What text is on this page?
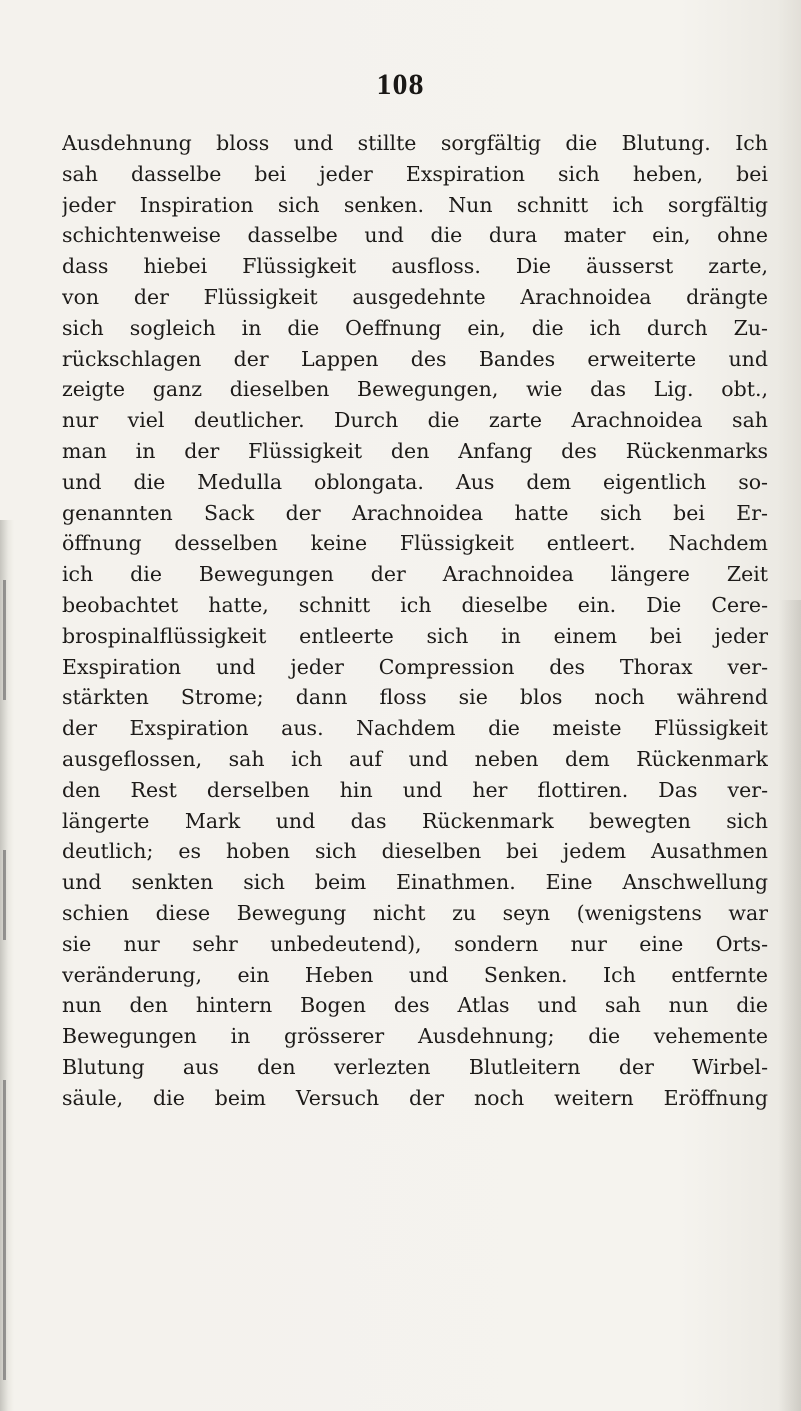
108
Ausdehnung bloss und stillte sorgfältig die Blutung. Ich
sah dasselbe bei jeder Exspiration sich heben, bei
jeder Inspiration sich senken. Nun schnitt ich sorgfältig
schichtenweise dasselbe und die dura mater ein, ohne
dass hiebei Flüssigkeit ausfloss. Die äusserst zarte,
von der Flüssigkeit ausgedehnte Arachnoidea drängte
sich sogleich in die Oeffnung ein, die ich durch Zu-
rückschlagen der Lappen des Bandes erweiterte und
zeigte ganz dieselben Bewegungen, wie das Lig. obt.,
nur viel deutlicher. Durch die zarte Arachnoidea sah
man in der Flüssigkeit den Anfang des Rückenmarks
und die Medulla oblongata. Aus dem eigentlich so-
genannten Sack der Arachnoidea hatte sich bei Er-
öffnung desselben keine Flüssigkeit entleert. Nachdem
ich die Bewegungen der Arachnoidea längere Zeit
beobachtet hatte, schnitt ich dieselbe ein. Die Cere-
brospinalflüssigkeit entleerte sich in einem bei jeder
Exspiration und jeder Compression des Thorax ver-
stärkten Strome; dann floss sie blos noch während
der Exspiration aus. Nachdem die meiste Flüssigkeit
ausgeflossen, sah ich auf und neben dem Rückenmark
den Rest derselben hin und her flottiren. Das ver-
längerte Mark und das Rückenmark bewegten sich
deutlich; es hoben sich dieselben bei jedem Ausathmen
und senkten sich beim Einathmen. Eine Anschwellung
schien diese Bewegung nicht zu seyn (wenigstens war
sie nur sehr unbedeutend), sondern nur eine Orts-
veränderung, ein Heben und Senken. Ich entfernte
nun den hintern Bogen des Atlas und sah nun die
Bewegungen in grösserer Ausdehnung; die vehemente
Blutung aus den verlezten Blutleitern der Wirbel-
säule, die beim Versuch der noch weitern Eröffnung
